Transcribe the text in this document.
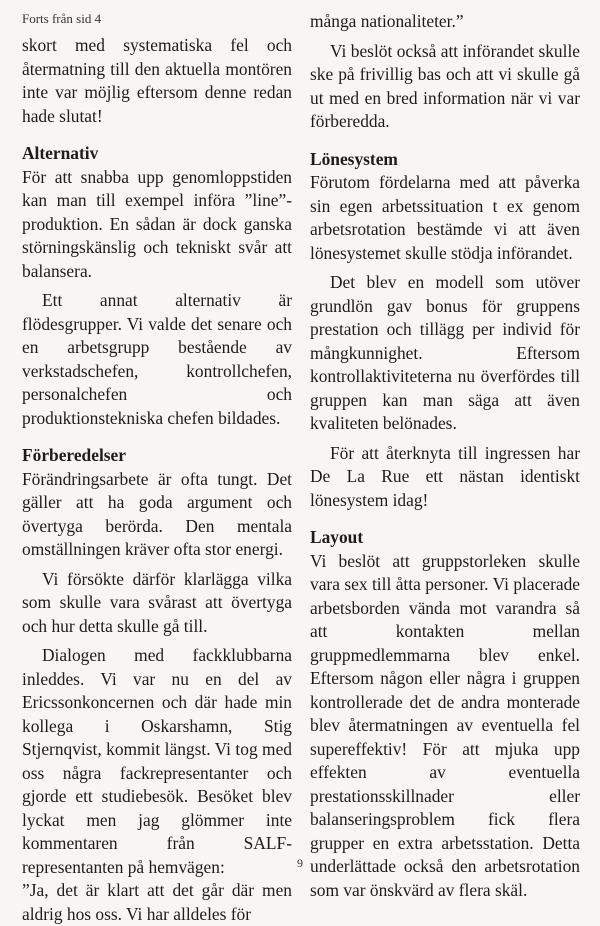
Forts från sid 4

skort med systematiska fel och återmatning till den aktuella montören inte var möjlig eftersom denne redan hade slutat!

Alternativ

För att snabba upp genomloppstiden kan man till exempel införa ”line”-produktion. En sådan är dock ganska störningskänslig och tekniskt svår att balansera.

Ett annat alternativ är flödesgrupper. Vi valde det senare och en arbetsgrupp bestående av verkstadschefen, kontrollchefen, personalchefen och produktionstekniska chefen bildades.

Förberedelser

Förändringsarbete är ofta tungt. Det gäller att ha goda argument och övertyga berörda. Den mentala omställningen kräver ofta stor energi.

Vi försökte därför klarlägga vilka som skulle vara svårast att övertyga och hur detta skulle gå till.

Dialogen med fackklubbarna inleddes. Vi var nu en del av Ericssonkoncernen och där hade min kollega i Oskarshamn, Stig Stjernqvist, kommit längst. Vi tog med oss några fackrepresentanter och gjorde ett studiebesök. Besöket blev lyckat men jag glömmer inte kommentaren från SALF-representanten på hemvägen:

”Ja, det är klart att det går där men aldrig hos oss. Vi har alldeles för

många nationaliteter.”

Vi beslöt också att införandet skulle ske på frivillig bas och att vi skulle gå ut med en bred information när vi var förberedda.

Lönesystem

Förutom fördelarna med att påverka sin egen arbetssituation t ex genom arbetsrotation bestämde vi att även lönesystemet skulle stödja införandet.

Det blev en modell som utöver grundlön gav bonus för gruppens prestation och tillägg per individ för mångkunnighet. Eftersom kontrollaktiviteterna nu överfördes till gruppen kan man säga att även kvaliteten belönades.

För att återknyta till ingressen har De La Rue ett nästan identiskt lönesystem idag!

Layout

Vi beslöt att gruppstorleken skulle vara sex till åtta personer. Vi placerade arbetsborden vända mot varandra så att kontakten mellan gruppmedlemmarna blev enkel. Eftersom någon eller några i gruppen kontrollerade det de andra monterade blev återmatningen av eventuella fel supereffektiv! För att mjuka upp effekten av eventuella prestationsskillnader eller balanseringsproblem fick flera grupper en extra arbetsstation. Detta underlättade också den arbetsrotation som var önskvärd av flera skäl.

9
